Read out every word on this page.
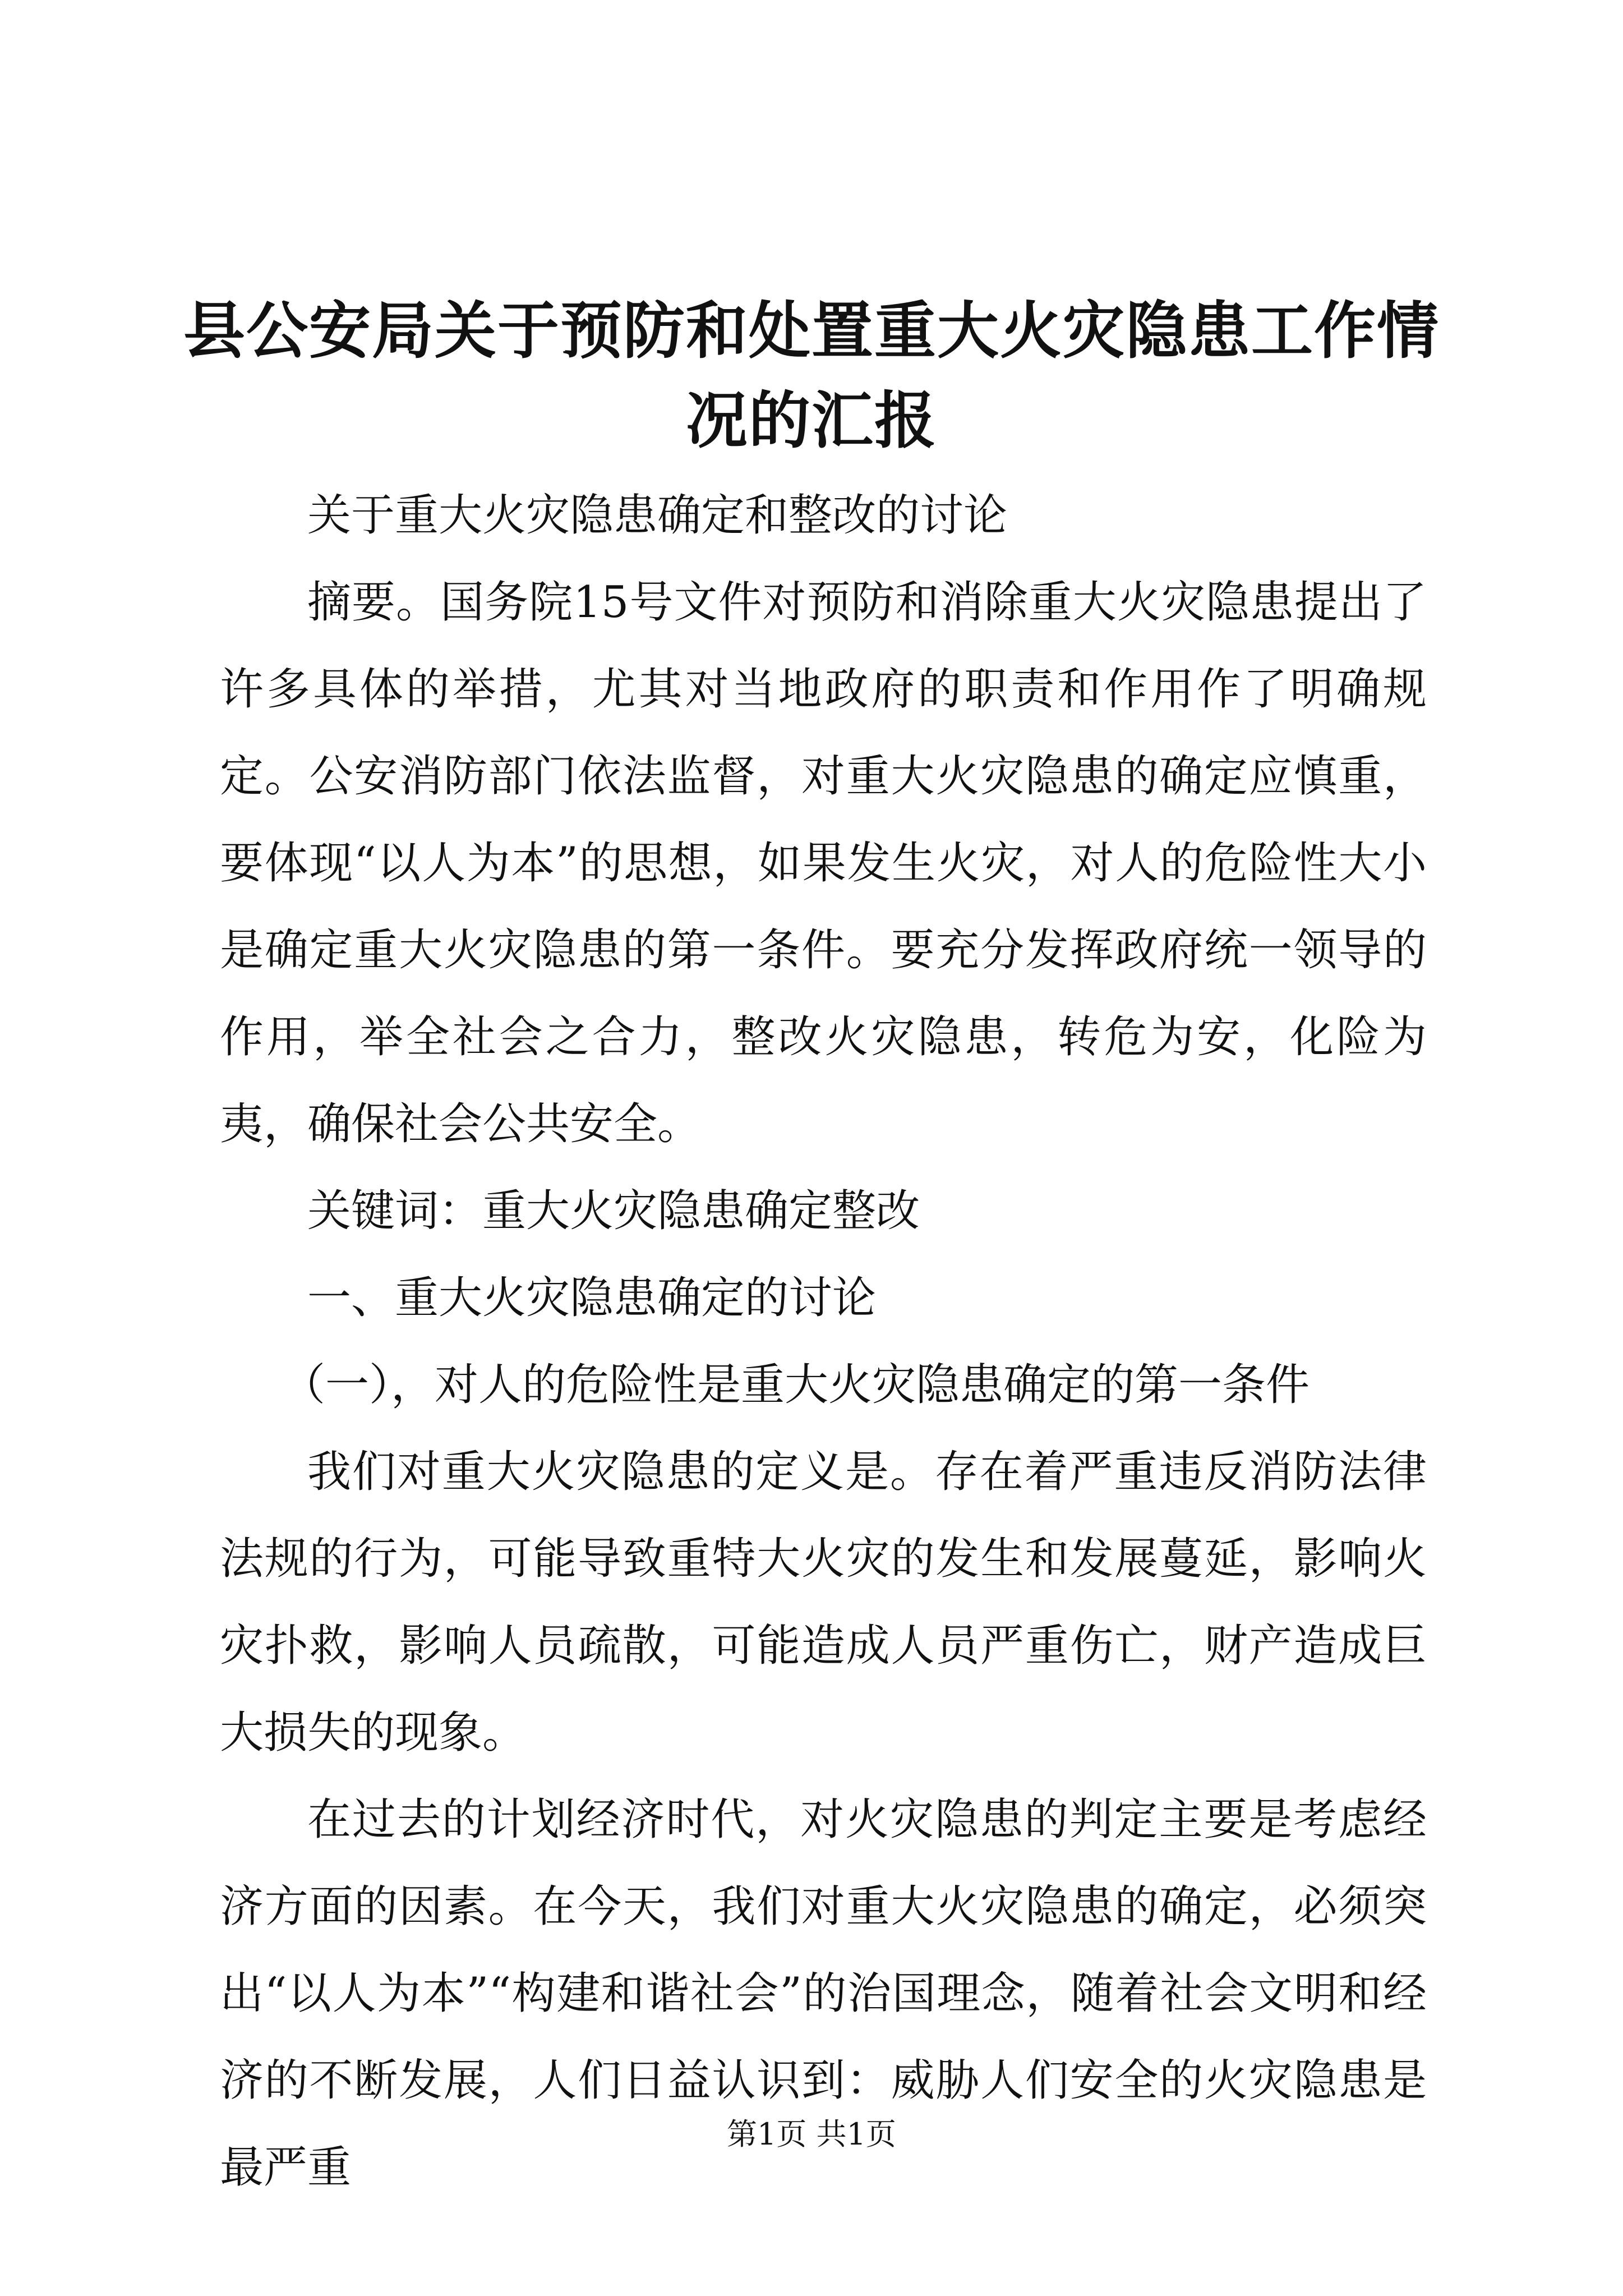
县公安局关于预防和处置重大火灾隐患工作情况的汇报

关于重大火灾隐患确定和整改的讨论

摘要。国务院15号文件对预防和消除重大火灾隐患提出了许多具体的举措，尤其对当地政府的职责和作用作了明确规定。公安消防部门依法监督，对重大火灾隐患的确定应慎重，要体现“以人为本”的思想，如果发生火灾，对人的危险性大小是确定重大火灾隐患的第一条件。要充分发挥政府统一领导的作用，举全社会之合力，整改火灾隐患，转危为安，化险为夷，确保社会公共安全。

关键词：重大火灾隐患确定整改

一、重大火灾隐患确定的讨论

（一），对人的危险性是重大火灾隐患确定的第一条件

我们对重大火灾隐患的定义是。存在着严重违反消防法律法规的行为，可能导致重特大火灾的发生和发展蔓延，影响火灾扑救，影响人员疏散，可能造成人员严重伤亡，财产造成巨大损失的现象。

在过去的计划经济时代，对火灾隐患的判定主要是考虑经济方面的因素。在今天，我们对重大火灾隐患的确定，必须突出“以人为本”“构建和谐社会”的治国理念，随着社会文明和经济的不断发展，人们日益认识到：威胁人们安全的火灾隐患是最严重

第1页 共1页
